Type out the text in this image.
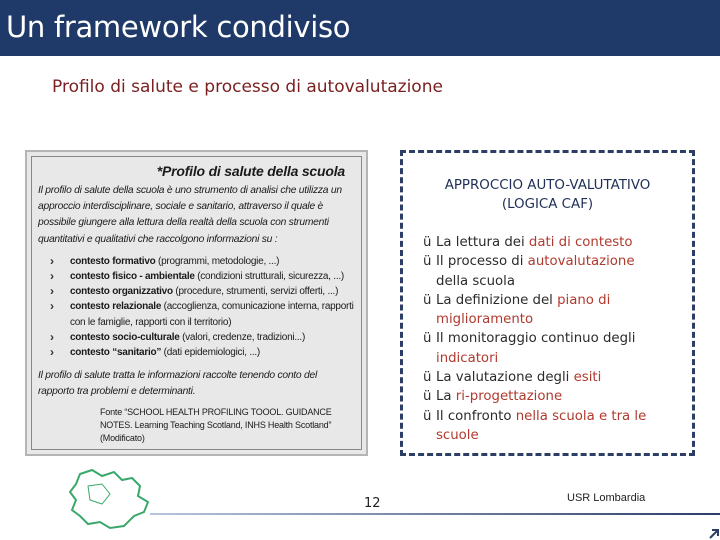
Un framework condiviso
Profilo di salute e processo di autovalutazione
*Profilo di salute della scuola
Il profilo di salute della scuola è uno strumento di analisi che utilizza un approccio interdisciplinare, sociale e sanitario, attraverso il quale è possibile giungere alla lettura della realtà della scuola con strumenti quantitativi e qualitativi che raccolgono informazioni su :
› contesto formativo (programmi, metodologie, ...)
› contesto fisico - ambientale (condizioni strutturali, sicurezza, ...)
› contesto organizzativo (procedure, strumenti, servizi offerti, ...)
› contesto relazionale (accoglienza, comunicazione interna, rapporti
con le famiglie, rapporti con il territorio)
› contesto socio-culturale (valori, credenze, tradizioni...)
› contesto “sanitario” (dati epidemiologici, ...)
Il profilo di salute tratta le informazioni raccolte tenendo conto del rapporto tra problemi e determinanti.
Fonte “SCHOOL HEALTH PROFILING TOOOL. GUIDANCE NOTES. Learning Teaching Scotland, INHS Health Scotland” (Modificato)
APPROCCIO AUTO-VALUTATIVO
(LOGICA CAF)
ü La lettura dei dati di contesto
ü Il processo di autovalutazione
della scuola
ü La definizione del piano di
miglioramento
ü Il monitoraggio continuo degli
indicatori
ü La valutazione degli esiti
ü La ri-progettazione
ü Il confronto nella scuola e tra le
scuole
12	USR Lombardia
